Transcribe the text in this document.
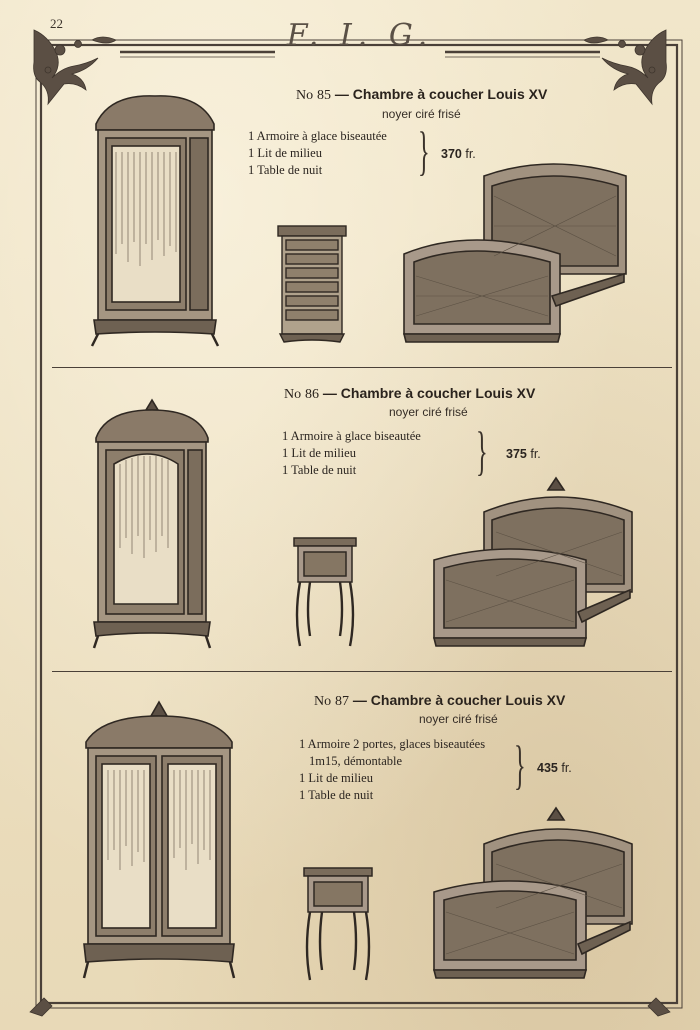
22	F. I. G.
No 85 — Chambre à coucher Louis XV
noyer ciré frisé
1 Armoire à glace biseautée
1 Lit de milieu
1 Table de nuit	} 370 fr.
No 86 — Chambre à coucher Louis XV
noyer ciré frisé
1 Armoire à glace biseautée
1 Lit de milieu
1 Table de nuit	} 375 fr.
No 87 — Chambre à coucher Louis XV
noyer ciré frisé
1 Armoire 2 portes, glaces biseautées
1m15, démontable
1 Lit de milieu
1 Table de nuit	} 435 fr.
